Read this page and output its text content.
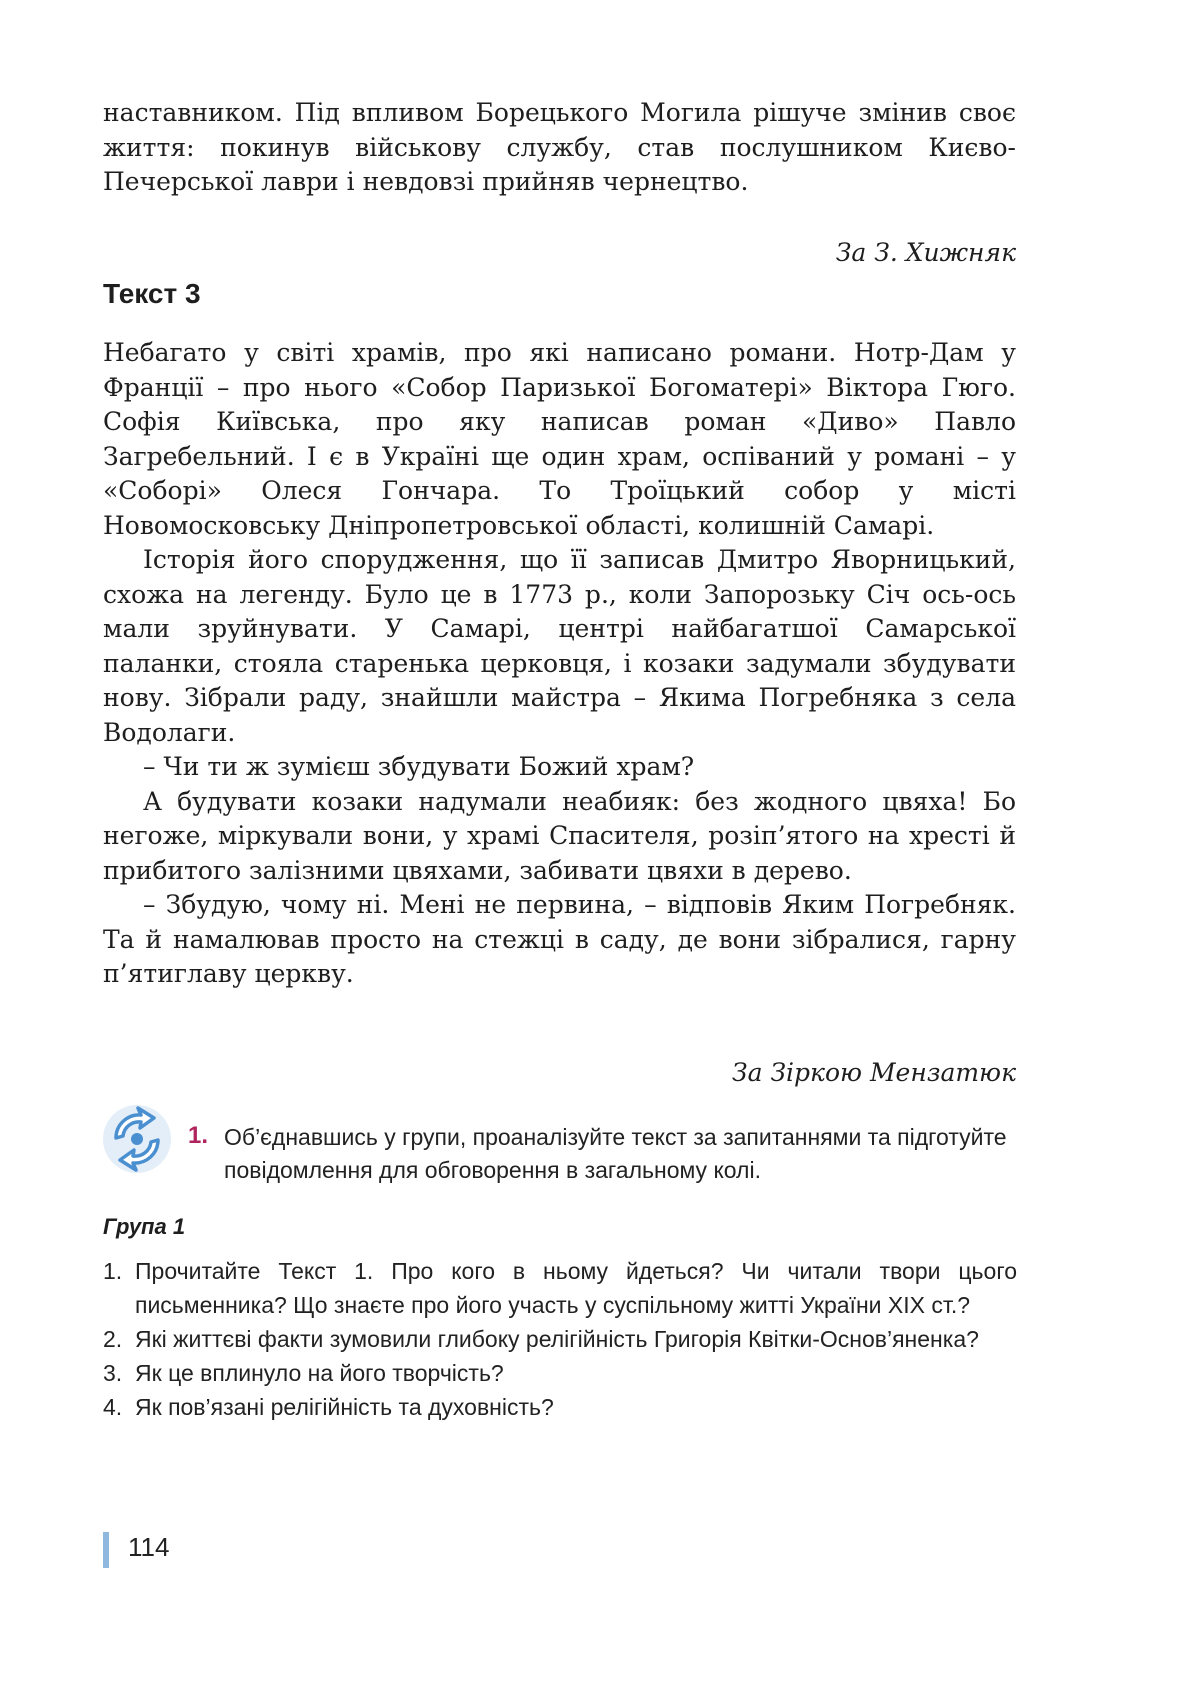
наставником. Під впливом Борецького Могила рішуче змінив своє життя: покинув військову службу, став послушником Києво-Печерської лаври і невдовзі прийняв чернецтво.

За З. Хижняк
Текст 3

Небагато у світі храмів, про які написано романи. Нотр-Дам у Франції – про нього «Собор Паризької Богоматері» Віктора Гюго. Софія Київська, про яку написав роман «Диво» Павло Загребельний. І є в Україні ще один храм, оспіваний у романі – у «Соборі» Олеся Гончара. То Троїцький собор у місті Новомосковську Дніпропетровської області, колишній Самарі.

Історія його спорудження, що її записав Дмитро Яворницький, схожа на легенду. Було це в 1773 р., коли Запорозьку Січ ось-ось мали зруйнувати. У Самарі, центрі найбагатшої Самарської паланки, стояла старенька церковця, і козаки задумали збудувати нову. Зібрали раду, знайшли майстра – Якима Погребняка з села Водолаги.

– Чи ти ж зумієш збудувати Божий храм?

А будувати козаки надумали неабияк: без жодного цвяха! Бо негоже, міркували вони, у храмі Спасителя, розіп’ятого на хресті й прибитого залізними цвяхами, забивати цвяхи в дерево.

– Збудую, чому ні. Мені не первина, – відповів Яким Погребняк. Та й намалював просто на стежці в саду, де вони зібралися, гарну п’ятиглаву церкву.

За Зіркою Мензатюк
1. Об’єднавшись у групи, проаналізуйте текст за запитаннями та підготуйте повідомлення для обговорення в загальному колі.
Група 1
1. Прочитайте Текст 1. Про кого в ньому йдеться? Чи читали твори цього письменника? Що знаєте про його участь у суспільному житті України ХІХ ст.?
2. Які життєві факти зумовили глибоку релігійність Григорія Квітки-Основ’яненка?
3. Як це вплинуло на його творчість?
4. Як пов’язані релігійність та духовність?
114
